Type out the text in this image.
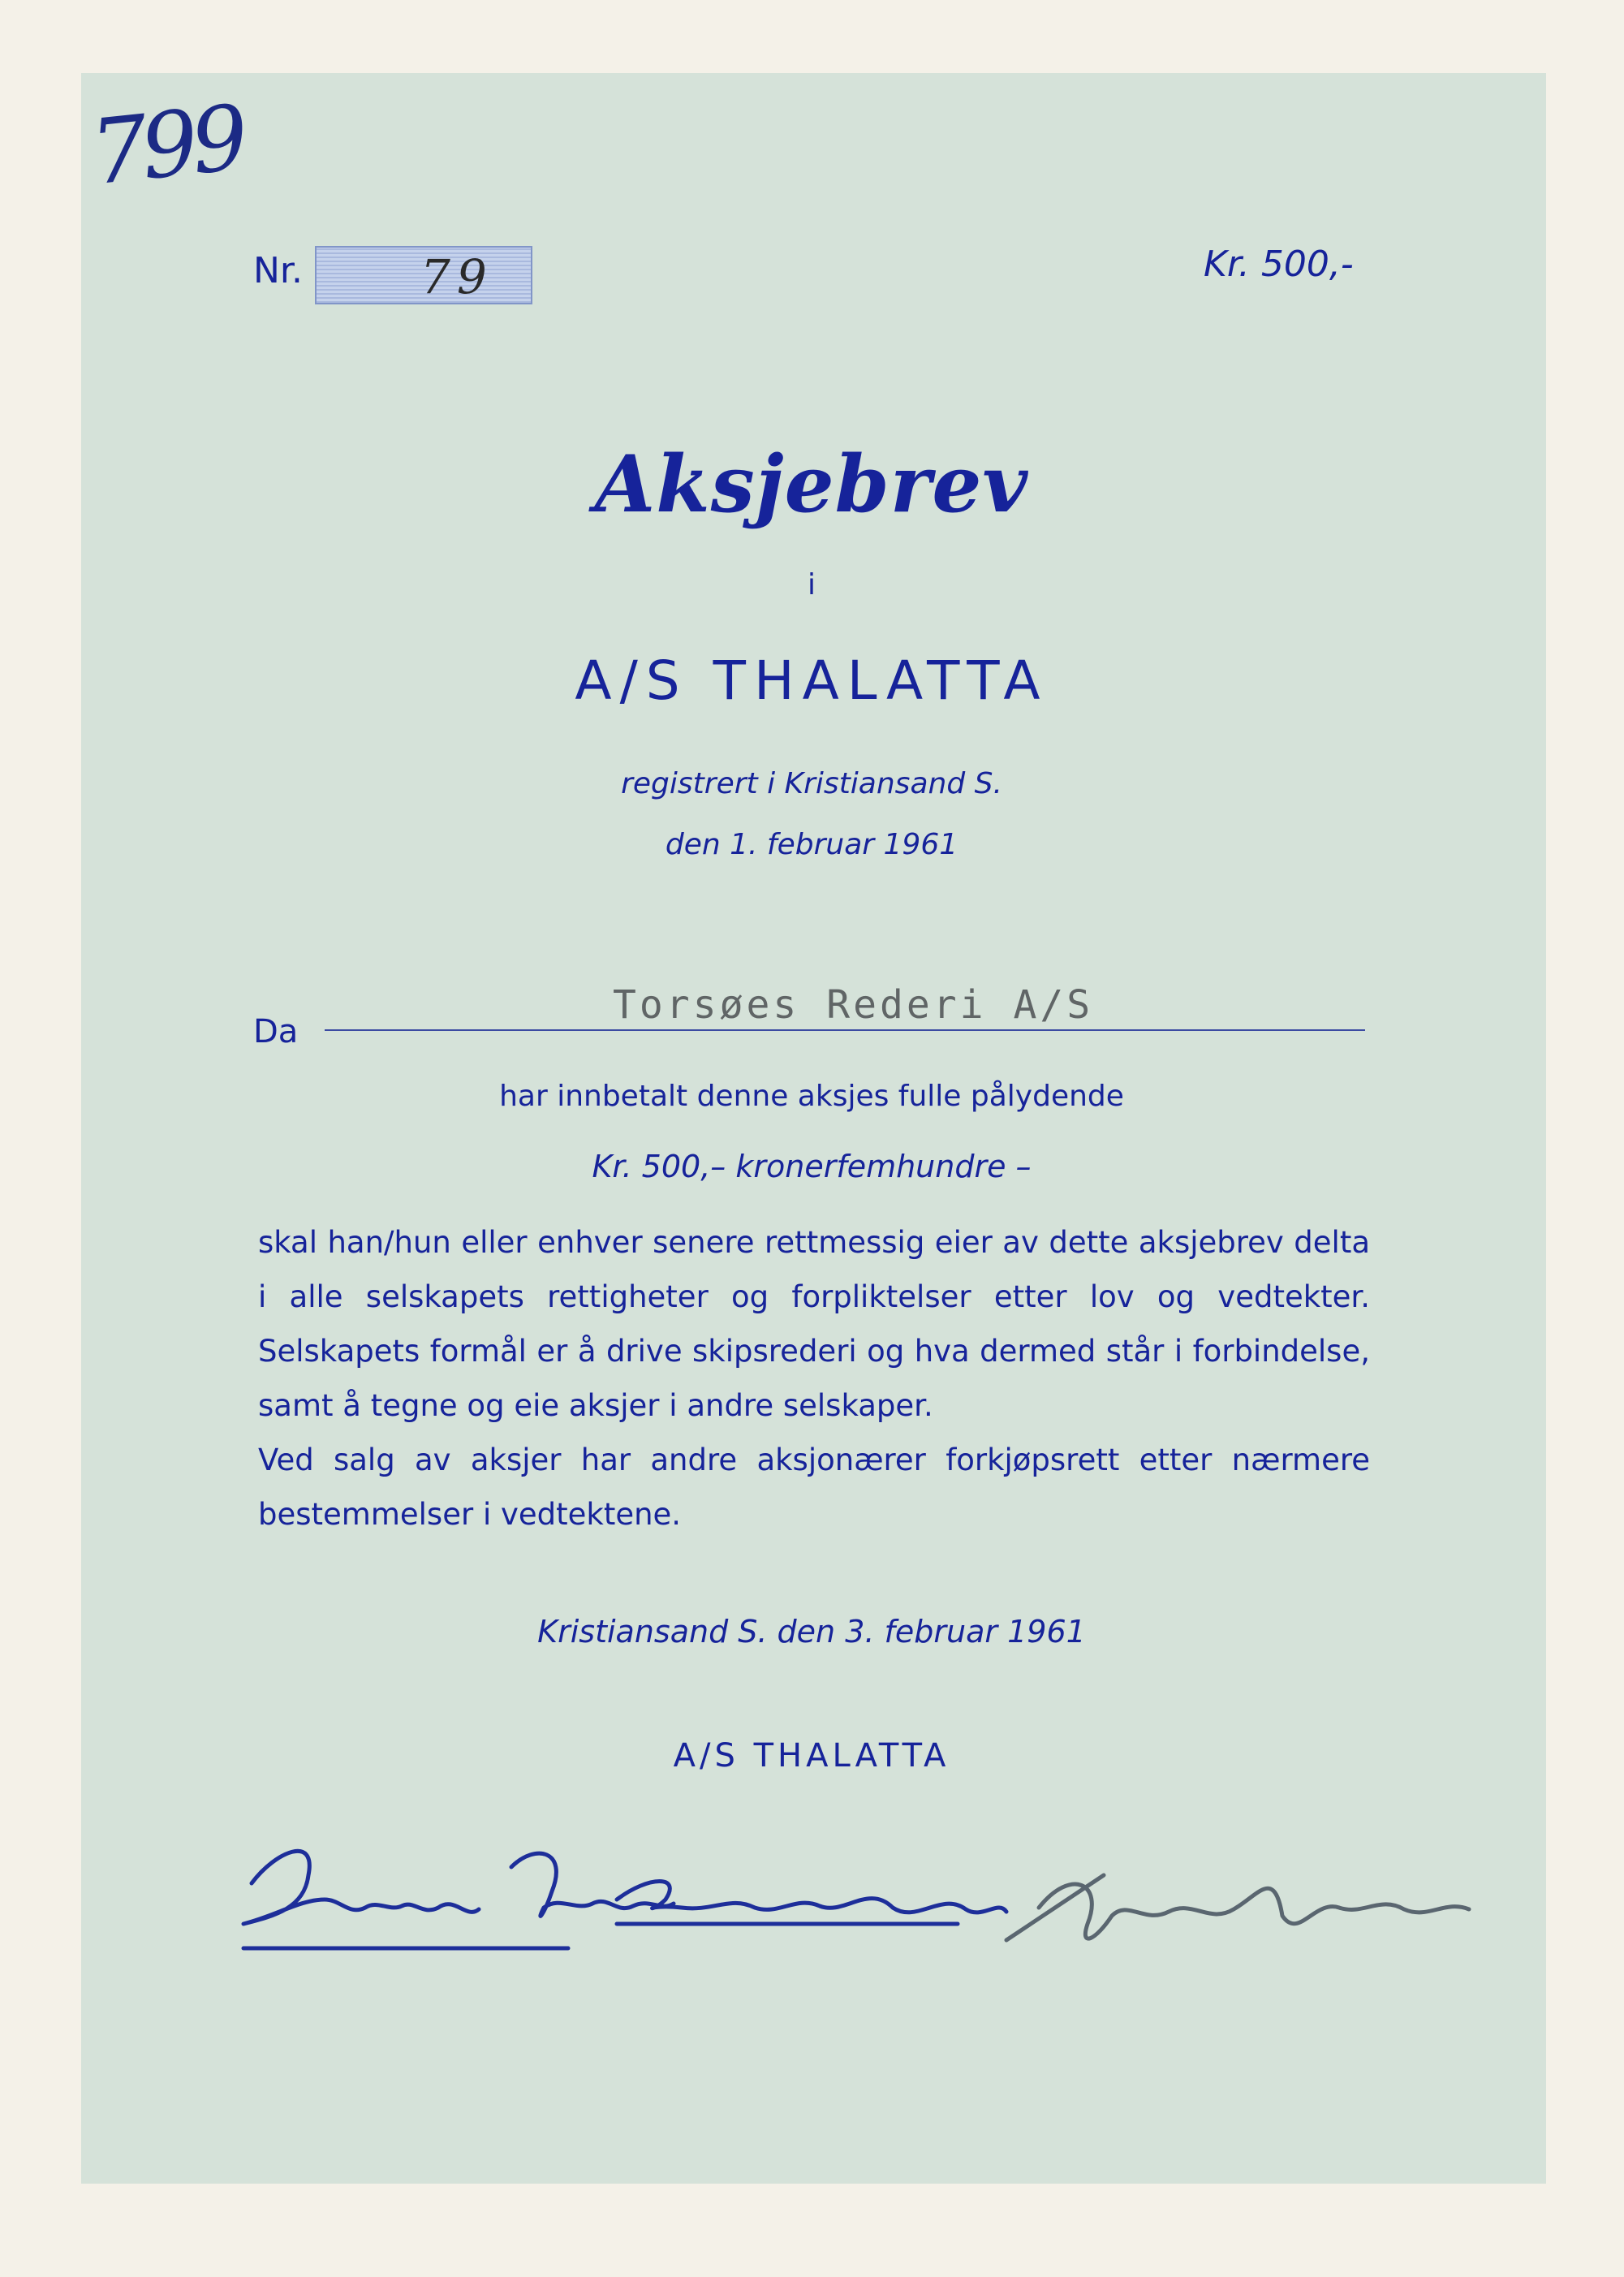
799
Nr.	79	Kr. 500,-
Aksjebrev
i
A/S THALATTA
registrert i Kristiansand S.
den 1. februar 1961
Da
Torsøes Rederi A/S
har innbetalt denne aksjes fulle pålydende
Kr. 500,– kronerfemhundre –
skal han/hun eller enhver senere rettmessig eier av dette aksjebrev delta
i alle selskapets rettigheter og forpliktelser etter lov og vedtekter.
Selskapets formål er å drive skipsrederi og hva dermed står i forbindelse,
samt å tegne og eie aksjer i andre selskaper.
Ved salg av aksjer har andre aksjonærer forkjøpsrett etter nærmere
bestemmelser i vedtektene.
Kristiansand S. den 3. februar 1961
A/S THALATTA
